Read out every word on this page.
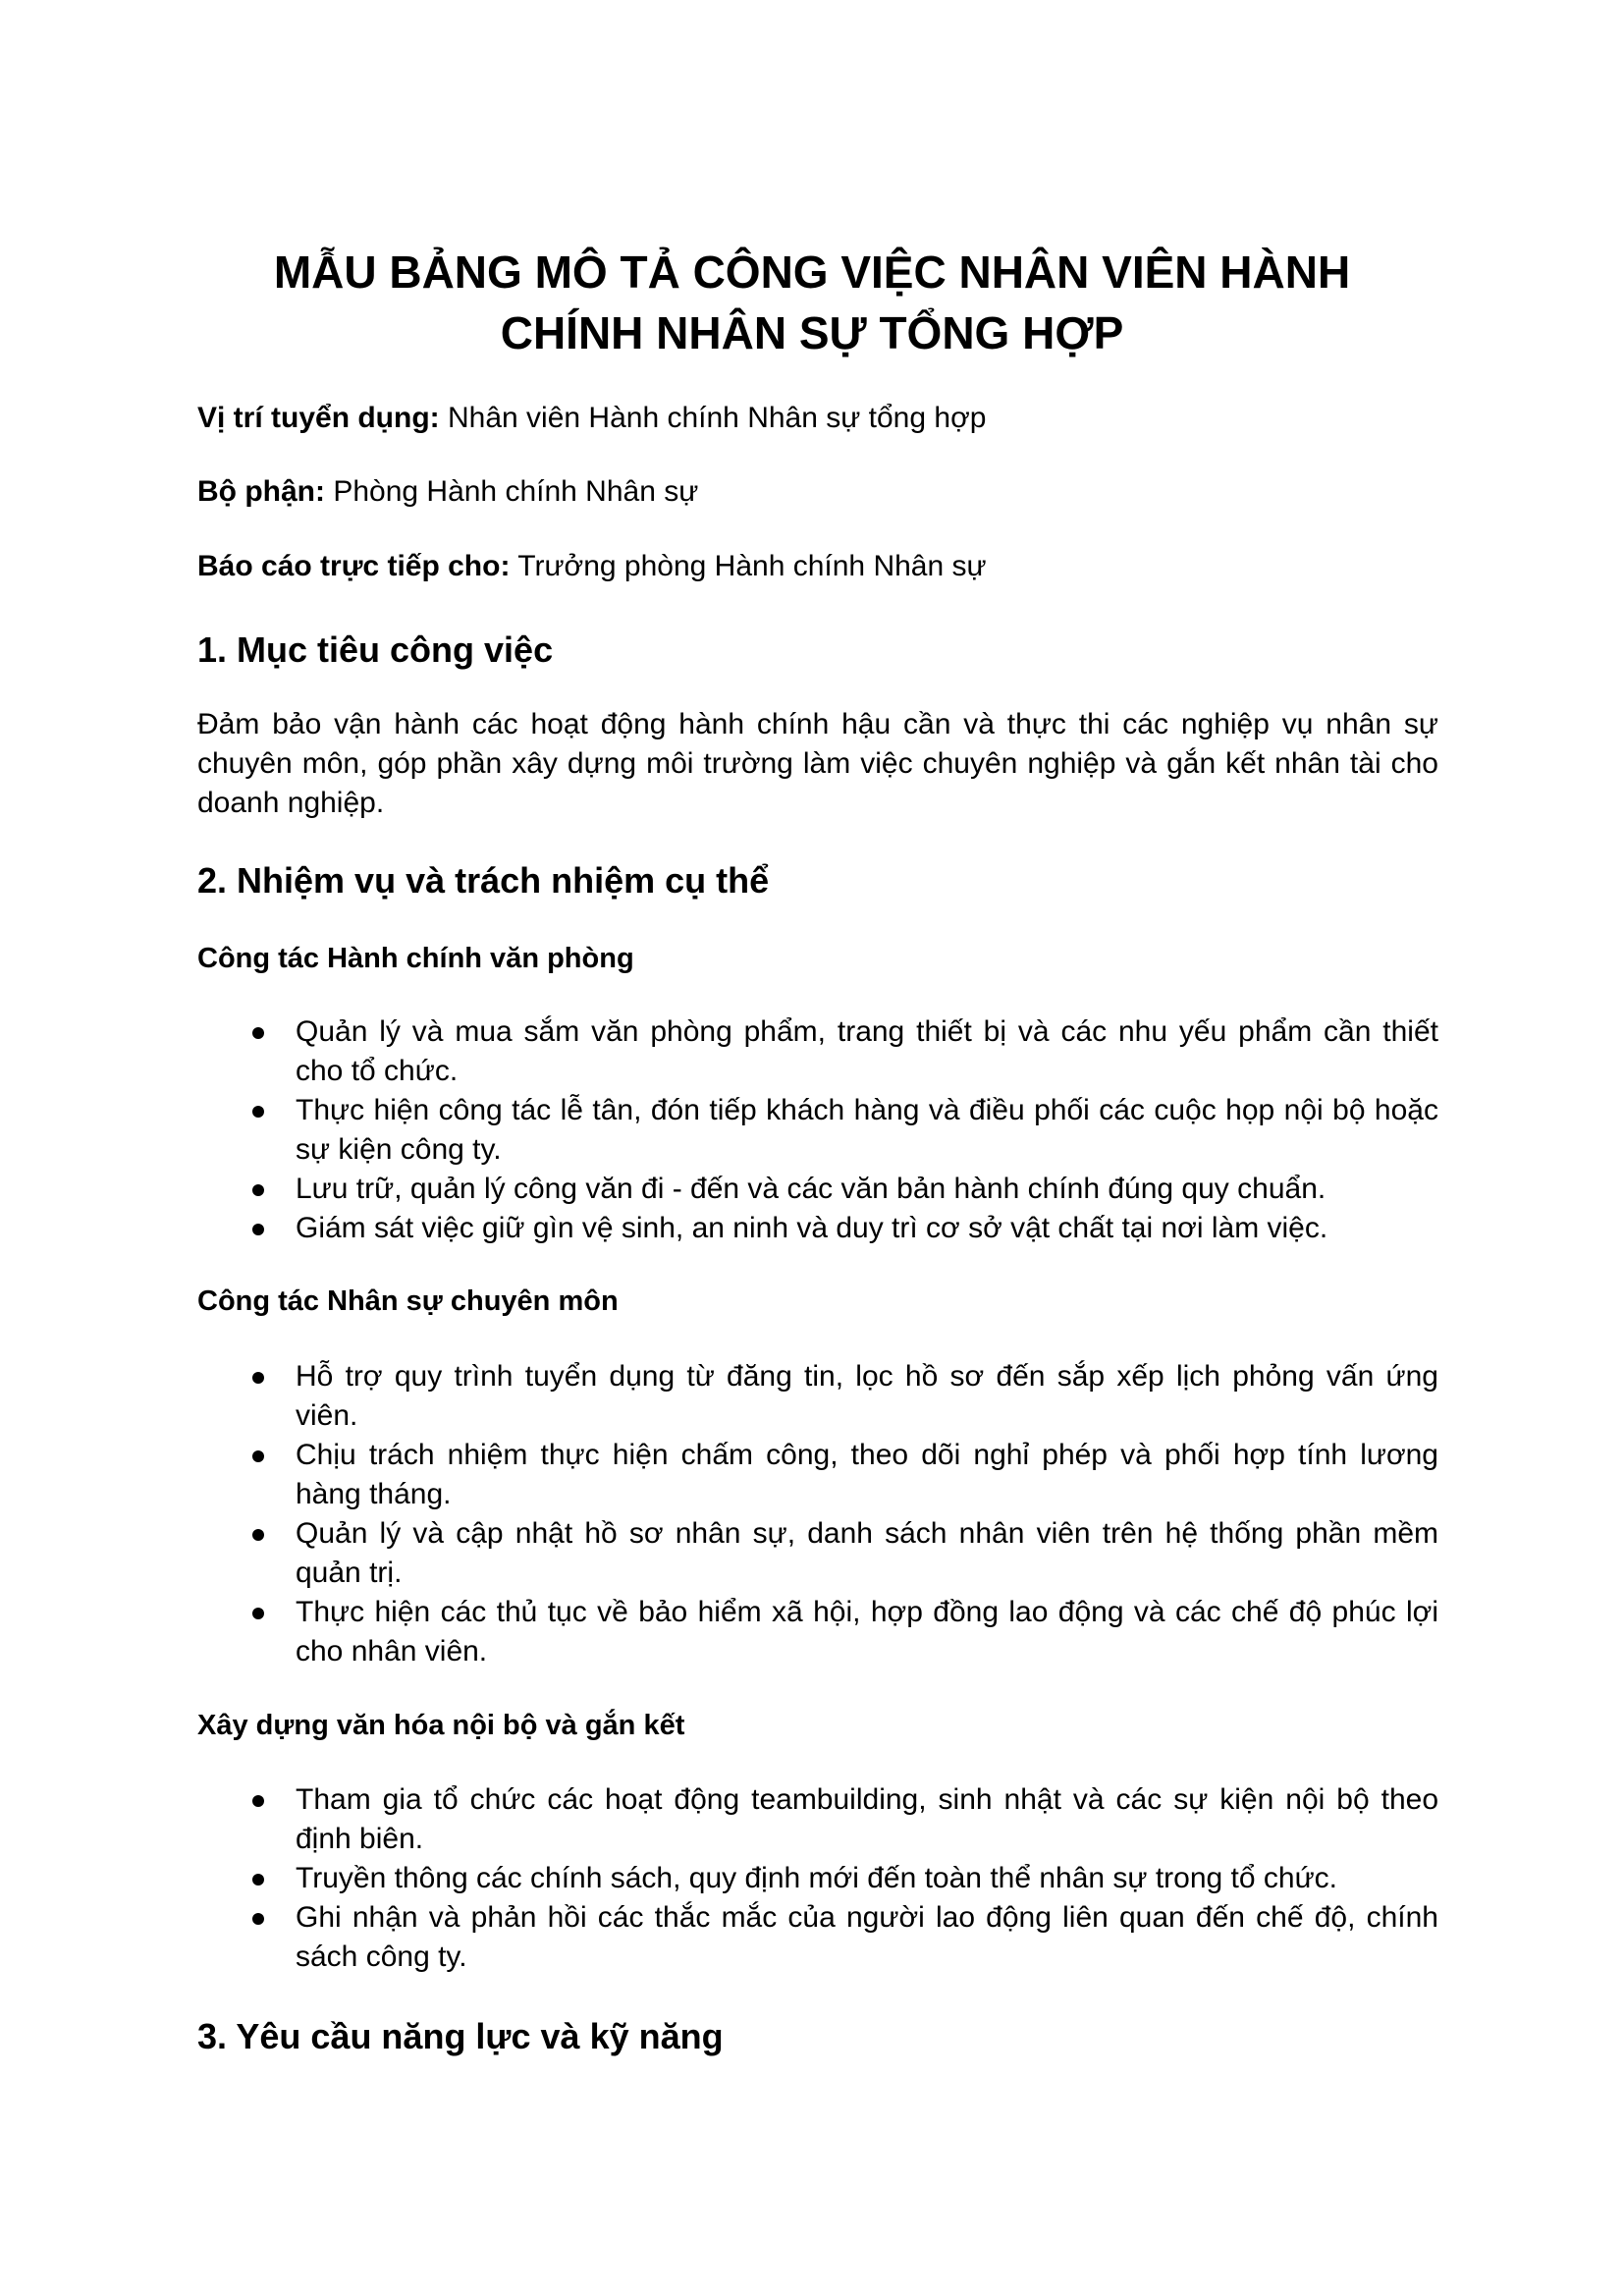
MẪU BẢNG MÔ TẢ CÔNG VIỆC NHÂN VIÊN HÀNH
CHÍNH NHÂN SỰ TỔNG HỢP

Vị trí tuyển dụng: Nhân viên Hành chính Nhân sự tổng hợp

Bộ phận: Phòng Hành chính Nhân sự

Báo cáo trực tiếp cho: Trưởng phòng Hành chính Nhân sự

1. Mục tiêu công việc
Đảm bảo vận hành các hoạt động hành chính hậu cần và thực thi các nghiệp vụ nhân sự
chuyên môn, góp phần xây dựng môi trường làm việc chuyên nghiệp và gắn kết nhân tài cho
doanh nghiệp.
2. Nhiệm vụ và trách nhiệm cụ thể
Công tác Hành chính văn phòng
Quản lý và mua sắm văn phòng phẩm, trang thiết bị và các nhu yếu phẩm cần thiết
cho tổ chức.
Thực hiện công tác lễ tân, đón tiếp khách hàng và điều phối các cuộc họp nội bộ hoặc
sự kiện công ty.
Lưu trữ, quản lý công văn đi - đến và các văn bản hành chính đúng quy chuẩn.
Giám sát việc giữ gìn vệ sinh, an ninh và duy trì cơ sở vật chất tại nơi làm việc.
Công tác Nhân sự chuyên môn
Hỗ trợ quy trình tuyển dụng từ đăng tin, lọc hồ sơ đến sắp xếp lịch phỏng vấn ứng
viên.
Chịu trách nhiệm thực hiện chấm công, theo dõi nghỉ phép và phối hợp tính lương
hàng tháng.
Quản lý và cập nhật hồ sơ nhân sự, danh sách nhân viên trên hệ thống phần mềm
quản trị.
Thực hiện các thủ tục về bảo hiểm xã hội, hợp đồng lao động và các chế độ phúc lợi
cho nhân viên.
Xây dựng văn hóa nội bộ và gắn kết
Tham gia tổ chức các hoạt động teambuilding, sinh nhật và các sự kiện nội bộ theo
định biên.
Truyền thông các chính sách, quy định mới đến toàn thể nhân sự trong tổ chức.
Ghi nhận và phản hồi các thắc mắc của người lao động liên quan đến chế độ, chính
sách công ty.
3. Yêu cầu năng lực và kỹ năng
